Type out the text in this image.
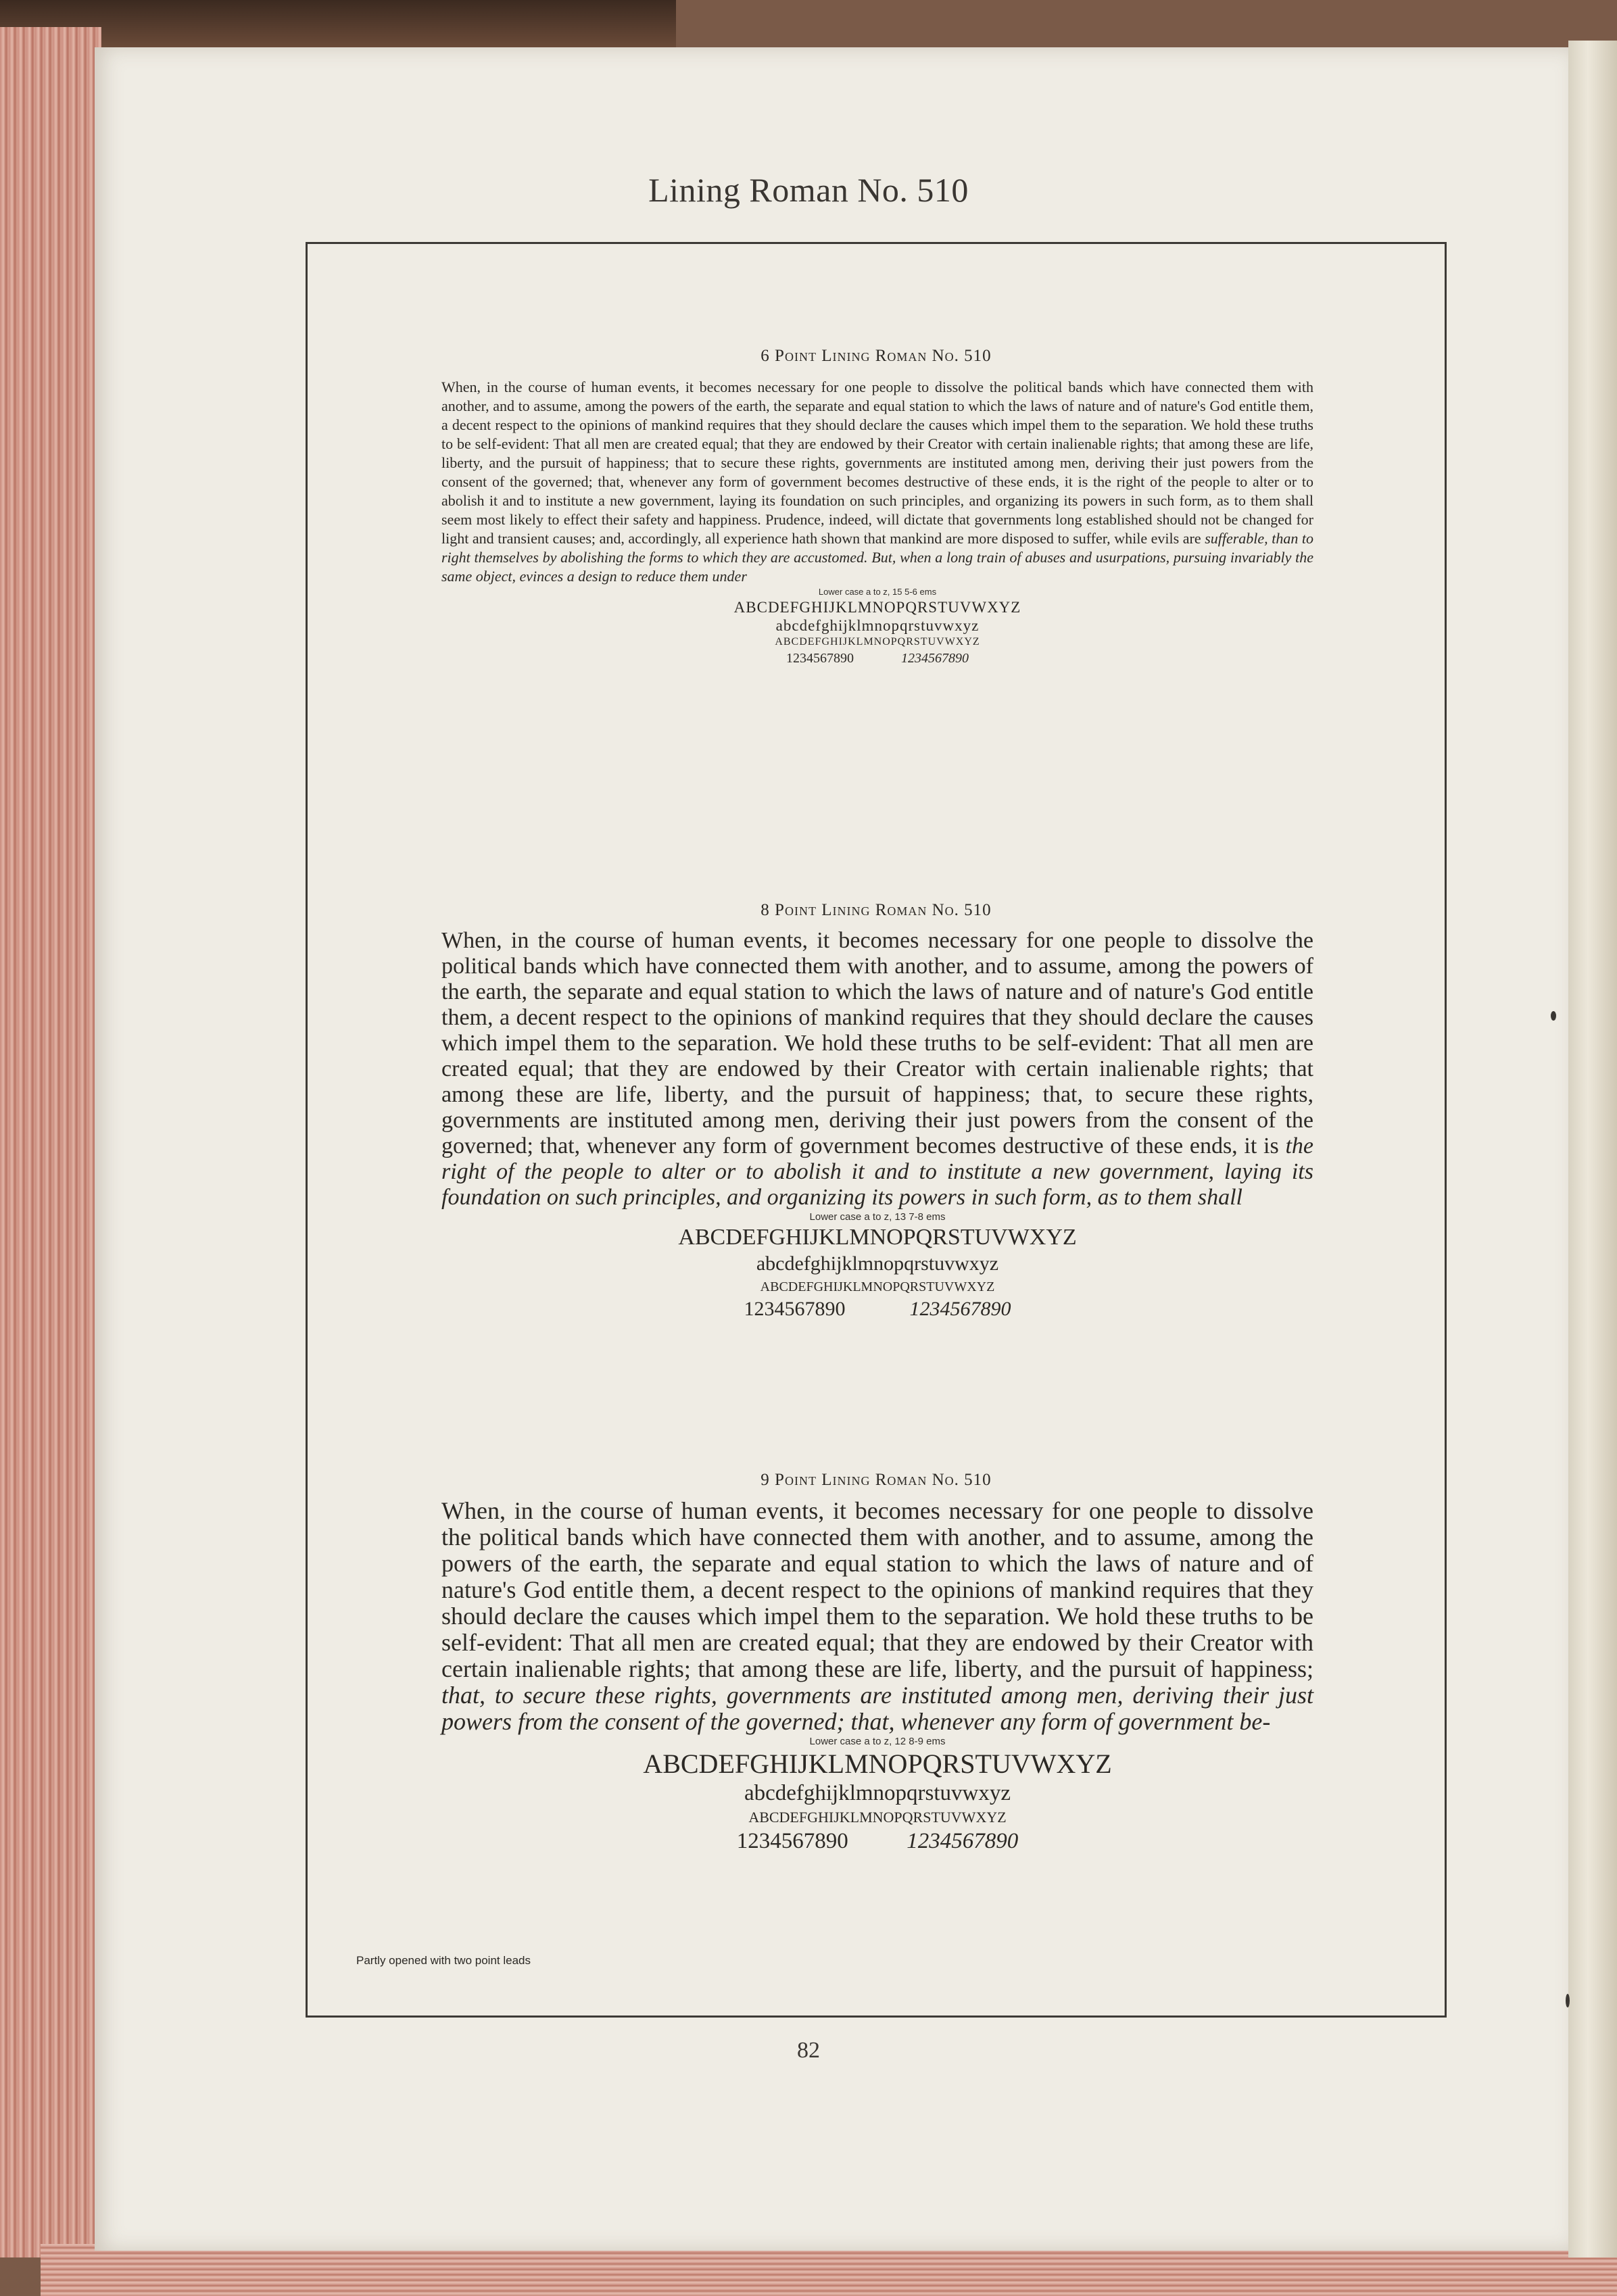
Lining Roman No. 510

6 Point Lining Roman No. 510

When, in the course of human events, it becomes necessary for one people to dissolve the political bands which have connected them with another, and to assume, among the powers of the earth, the separate and equal station to which the laws of nature and of nature's God entitle them, a decent respect to the opinions of mankind requires that they should declare the causes which impel them to the separation. We hold these truths to be self-evident: That all men are created equal; that they are endowed by their Creator with certain inalienable rights; that among these are life, liberty, and the pursuit of happiness; that to secure these rights, governments are instituted among men, deriving their just powers from the consent of the governed; that, whenever any form of government becomes destructive of these ends, it is the right of the people to alter or to abolish it and to institute a new government, laying its foundation on such principles, and organizing its powers in such form, as to them shall seem most likely to effect their safety and happiness. Prudence, indeed, will dictate that governments long established should not be changed for light and transient causes; and, accordingly, all experience hath shown that mankind are more disposed to suffer, while evils are sufferable, than to right themselves by abolishing the forms to which they are accustomed. But, when a long train of abuses and usurpations, pursuing invariably the same object, evinces a design to reduce them under

Lower case a to z, 15 5-6 ems

ABCDEFGHIJKLMNOPQRSTUVWXYZ

abcdefghijklmnopqrstuvwxyz

ABCDEFGHIJKLMNOPQRSTUVWXYZ

1234567890	1234567890

8 Point Lining Roman No. 510

When, in the course of human events, it becomes necessary for one people to dissolve the political bands which have connected them with another, and to assume, among the powers of the earth, the separate and equal station to which the laws of nature and of nature's God entitle them, a decent respect to the opinions of mankind requires that they should declare the causes which impel them to the separation. We hold these truths to be self-evident: That all men are created equal; that they are endowed by their Creator with certain inalienable rights; that among these are life, liberty, and the pursuit of happiness; that, to secure these rights, governments are instituted among men, deriving their just powers from the consent of the governed; that, whenever any form of government becomes destructive of these ends, it is the right of the people to alter or to abolish it and to institute a new government, laying its foundation on such principles, and organizing its powers in such form, as to them shall

Lower case a to z, 13 7-8 ems

ABCDEFGHIJKLMNOPQRSTUVWXYZ

abcdefghijklmnopqrstuvwxyz

ABCDEFGHIJKLMNOPQRSTUVWXYZ

1234567890	1234567890

9 Point Lining Roman No. 510

When, in the course of human events, it becomes necessary for one people to dissolve the political bands which have connected them with another, and to assume, among the powers of the earth, the separate and equal station to which the laws of nature and of nature's God entitle them, a decent respect to the opinions of mankind requires that they should declare the causes which impel them to the separation. We hold these truths to be self-evident: That all men are created equal; that they are endowed by their Creator with certain inalienable rights; that among these are life, liberty, and the pursuit of happiness; that, to secure these rights, governments are instituted among men, deriving their just powers from the consent of the governed; that, whenever any form of government be-

Lower case a to z, 12 8-9 ems

ABCDEFGHIJKLMNOPQRSTUVWXYZ

abcdefghijklmnopqrstuvwxyz

ABCDEFGHIJKLMNOPQRSTUVWXYZ

1234567890	1234567890

Partly opened with two point leads

82
